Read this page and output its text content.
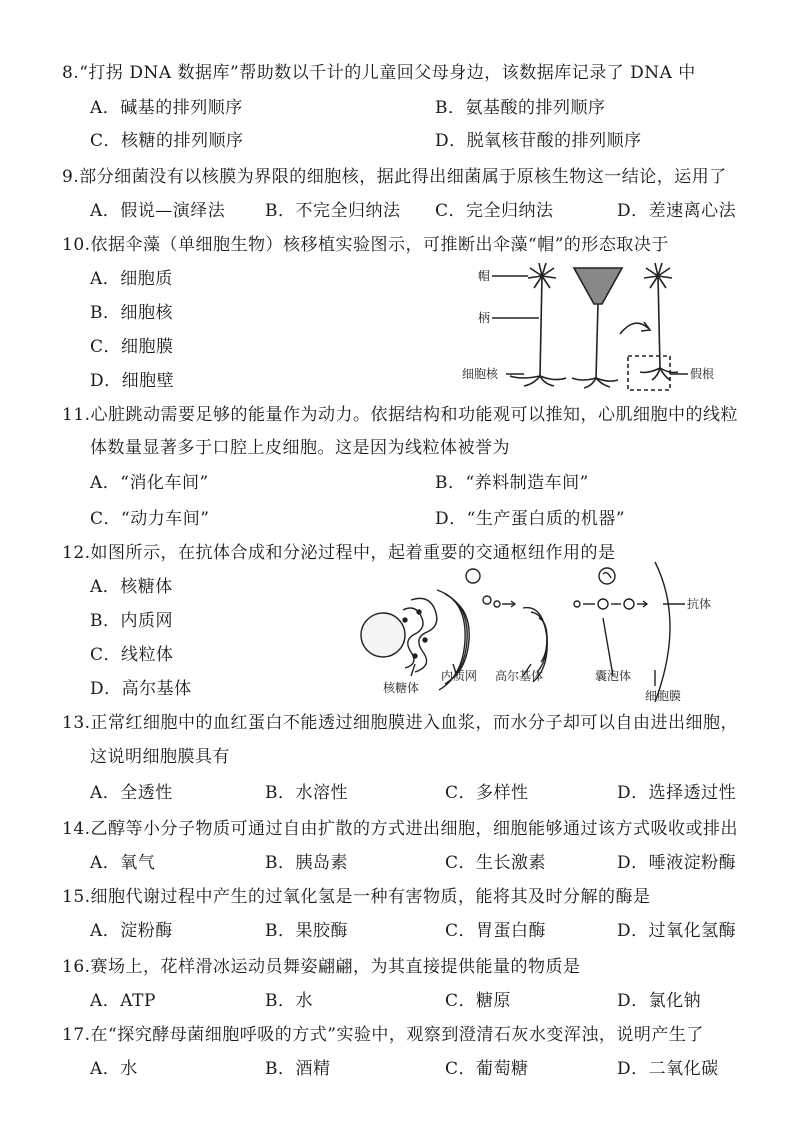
8.“打拐 DNA 数据库”帮助数以千计的儿童回父母身边，该数据库记录了 DNA 中
A．碱基的排列顺序	B．氨基酸的排列顺序
C．核糖的排列顺序	D．脱氧核苷酸的排列顺序
9.部分细菌没有以核膜为界限的细胞核，据此得出细菌属于原核生物这一结论，运用了
A．假说—演绎法 B．不完全归纳法 C．完全归纳法	D．差速离心法
10.依据伞藻（单细胞生物）核移植实验图示，可推断出伞藻“帽”的形态取决于
A．细胞质
B．细胞核
C．细胞膜
D．细胞壁
帽
柄
细胞核	假根
11.心脏跳动需要足够的能量作为动力。依据结构和功能观可以推知，心肌细胞中的线粒
体数量显著多于口腔上皮细胞。这是因为线粒体被誉为
A．“消化车间”	B．“养料制造车间”
C．“动力车间”	D．“生产蛋白质的机器”
12.如图所示，在抗体合成和分泌过程中，起着重要的交通枢纽作用的是
A．核糖体
B．内质网
C．线粒体
D．高尔基体
抗体
核糖体
内质网 高尔基体	囊泡体
细胞膜
13.正常红细胞中的血红蛋白不能透过细胞膜进入血浆，而水分子却可以自由进出细胞，
这说明细胞膜具有
A．全透性	B．水溶性	C．多样性	D．选择透过性
14.乙醇等小分子物质可通过自由扩散的方式进出细胞，细胞能够通过该方式吸收或排出
A．氧气	B．胰岛素	C．生长激素	D．唾液淀粉酶
15.细胞代谢过程中产生的过氧化氢是一种有害物质，能将其及时分解的酶是
A．淀粉酶	B．果胶酶	C．胃蛋白酶	D．过氧化氢酶
16.赛场上，花样滑冰运动员舞姿翩翩，为其直接提供能量的物质是
A．ATP	B．水	C．糖原	D．氯化钠
17.在“探究酵母菌细胞呼吸的方式”实验中，观察到澄清石灰水变浑浊，说明产生了
A．水	B．酒精	C．葡萄糖	D．二氧化碳
